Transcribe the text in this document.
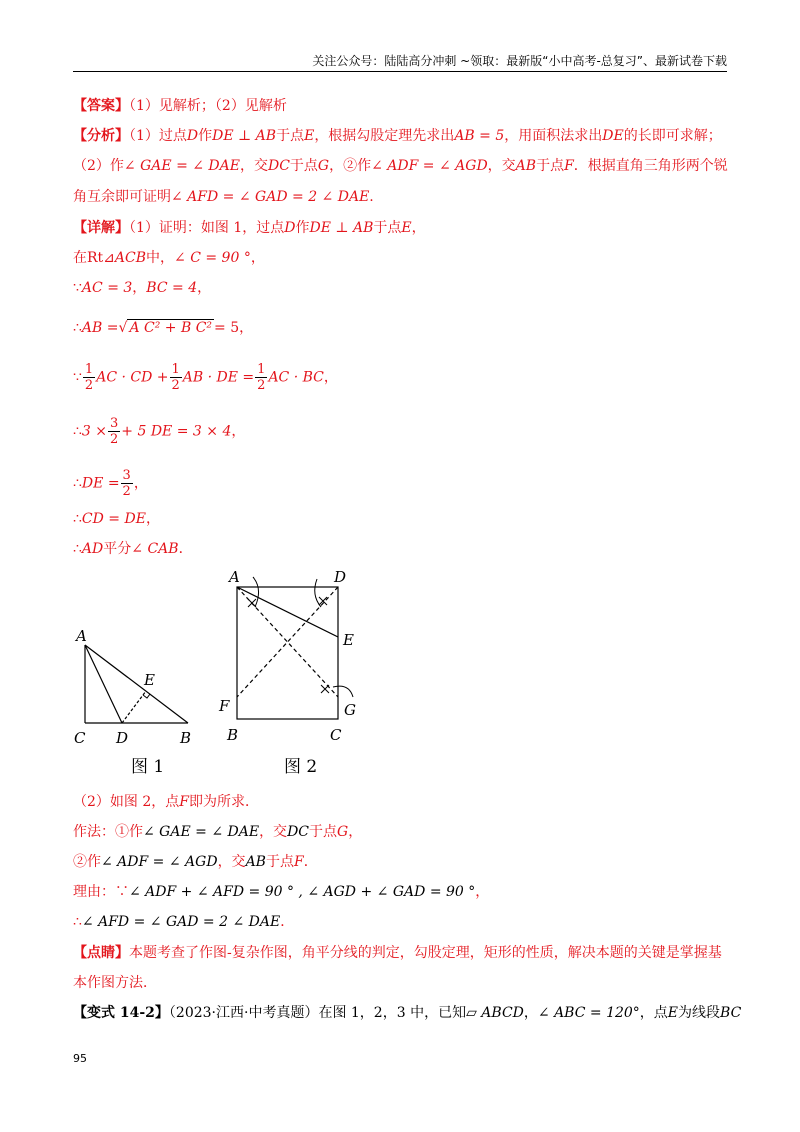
关注公众号：陆陆高分冲刺 ~领取：最新版“小中高考-总复习”、最新试卷下载
【答案】（1）见解析；（2）见解析
【分析】（1）过点D作DE ⊥ AB于点E，根据勾股定理先求出AB = 5，用面积法求出DE的长即可求解；
（2）作∠ GAE = ∠ DAE，交DC于点G，②作∠ ADF = ∠ AGD，交AB于点F．根据直角三角形两个锐
角互余即可证明∠ AFD = ∠ GAD = 2 ∠ DAE.
【详解】（1）证明：如图 1，过点D作DE ⊥ AB于点E，
在Rt⊿ACB中，∠ C = 90 °，
∵AC = 3，BC = 4，
∴AB =√ A C² + B C² = 5，
∵ $\frac{1}{2}$ AC · CD + $\frac{1}{2}$ AB · DE = $\frac{1}{2}$ AC · BC，
∴3 × $\frac{3}{2} + 5$ DE = 3 × 4，
∴DE = $\frac{3}{2}$ ，
∴CD = DE，
∴AD平分∠ CAB．
A
E
C D	B
图 1
A	D
E
F	G
B	C
图 2
（2）如图 2，点F即为所求．
作法：①作∠ GAE = ∠ DAE，交DC于点G，
②作∠ ADF = ∠ AGD，交AB于点F．
理由：∵∠ ADF + ∠ AFD = 90 ° , ∠ AGD + ∠ GAD = 90 °，
∴∠ AFD = ∠ GAD = 2 ∠ DAE．
【点睛】本题考查了作图-复杂作图，角平分线的判定，勾股定理，矩形的性质，解决本题的关键是掌握基
本作图方法．
【变式 14-2】（2023·江西·中考真题）在图 1，2，3 中，已知▱ ABCD，∠ ABC = 120°，点E为线段BC
95
